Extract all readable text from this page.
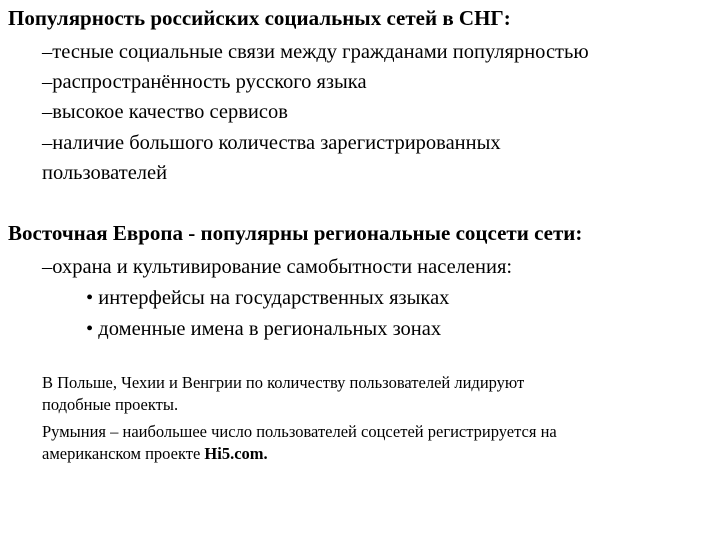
Популярность российских социальных сетей в СНГ:
–тесные социальные связи между гражданами популярностью
–распространённость русского языка
–высокое качество сервисов
–наличие большого количества зарегистрированных
пользователей
Восточная Европа - популярны региональные соцсети сети:
–охрана и культивирование самобытности населения:
• интерфейсы на государственных языках
• доменные имена в региональных зонах
В Польше, Чехии и Венгрии по количеству пользователей лидируют
подобные проекты.
Румыния – наибольшее число пользователей соцсетей регистрируется на
американском проекте Hi5.com.
